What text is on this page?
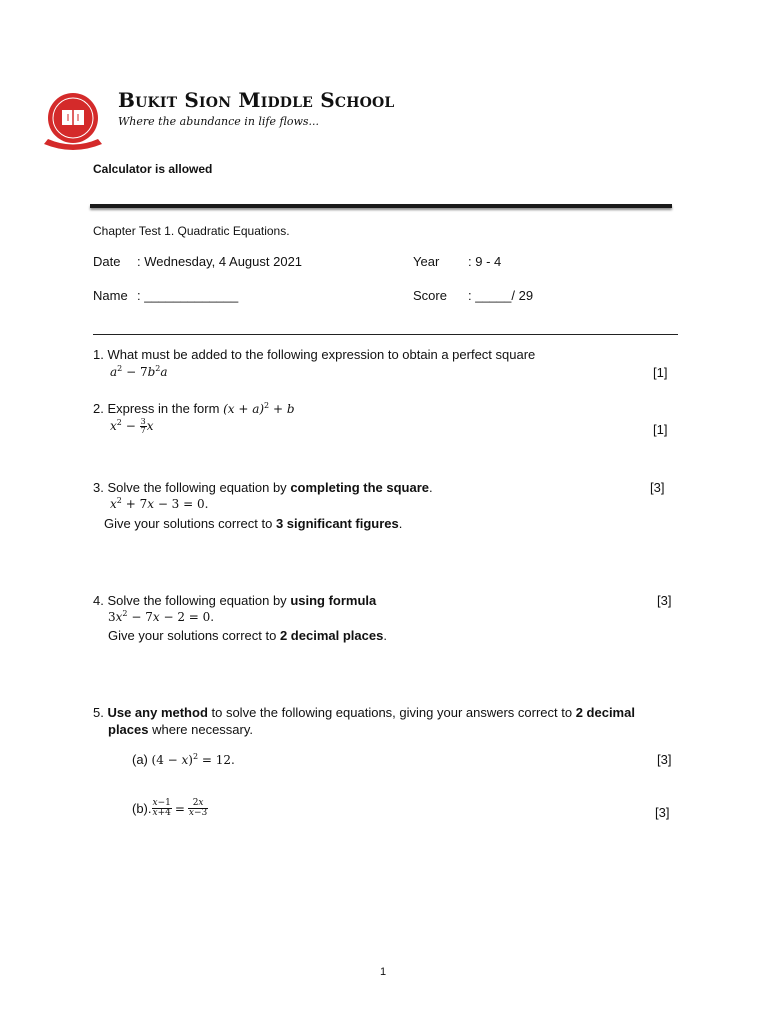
Bukit Sion Middle School
Where the abundance in life flows...
Calculator is allowed
Chapter Test 1. Quadratic Equations.
Date : Wednesday, 4 August 2021	Year : 9 - 4
Name : _____________	Score : _____/ 29
1. What must be added to the following expression to obtain a perfect square
$a^2 - 7b^2a$	[1]
2. Express in the form $(x + a)^2 + b$
$x^2 - \frac{3}{7}$ x	[1]
3. Solve the following equation by completing the square.	[3]
$x^2 + 7x - 3 = 0$.
Give your solutions correct to 3 significant figures.
4. Solve the following equation by using formula	[3]
$3x^2 - 7x - 2 = 0$.
Give your solutions correct to 2 decimal places.
5. Use any method to solve the following equations, giving your answers correct to 2 decimal
places where necessary.
(a) $(4 - x)^2 = 12$.	[3]
(b). $\frac{x-1}{x+4} = \frac{2x}{x-3}$	[3]
1
